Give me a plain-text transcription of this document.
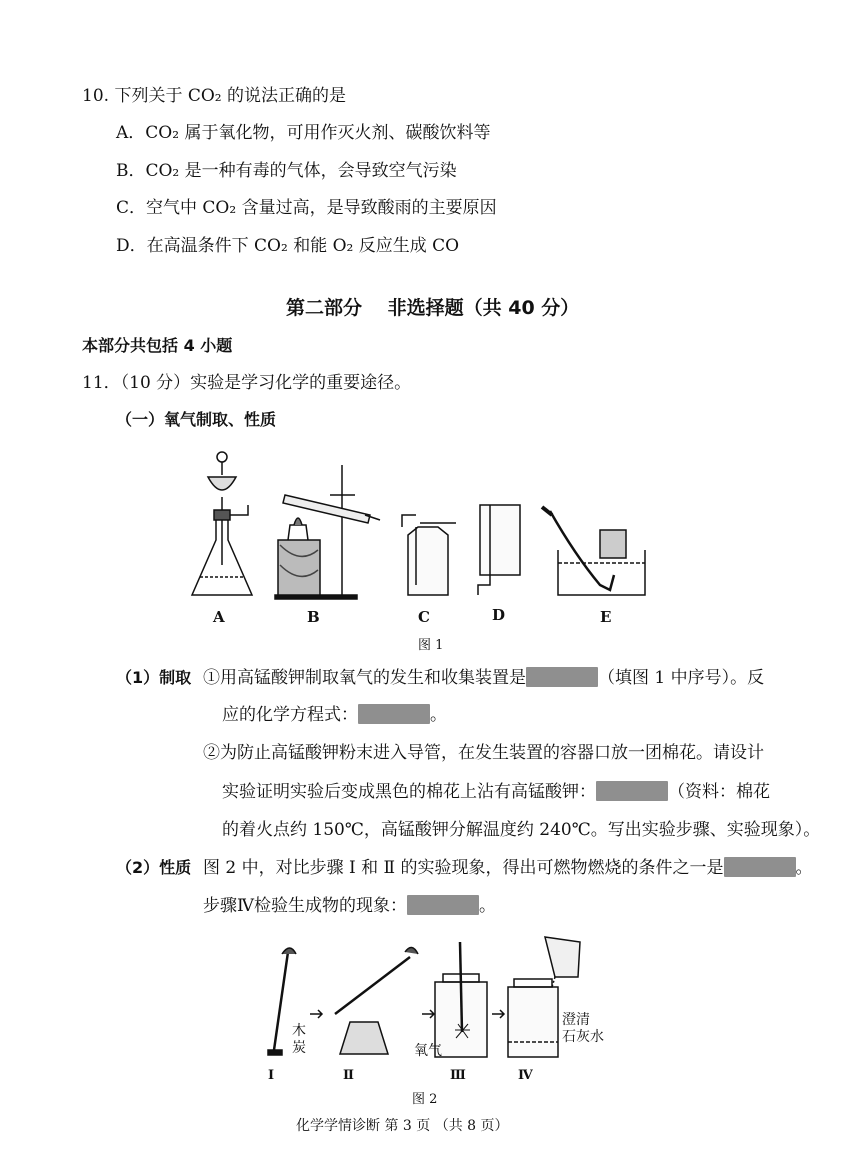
10. 下列关于 CO₂ 的说法正确的是
A．CO₂ 属于氧化物，可用作灭火剂、碳酸饮料等
B．CO₂ 是一种有毒的气体，会导致空气污染
C．空气中 CO₂ 含量过高，是导致酸雨的主要原因
D．在高温条件下 CO₂ 和能 O₂ 反应生成 CO
第二部分　 非选择题（共 40 分）
本部分共包括 4 小题
11．（10 分）实验是学习化学的重要途径。
（一）氧气制取、性质
A	B	C	D	E
图 1
（1）制取 ①用高锰酸钾制取氧气的发生和收集装置是	（填图 1 中序号）。反
应的化学方程式：	。
②为防止高锰酸钾粉末进入导管，在发生装置的容器口放一团棉花。请设计
实验证明实验后变成黑色的棉花上沾有高锰酸钾：	（资料：棉花
的着火点约 150℃，高锰酸钾分解温度约 240℃。写出实验步骤、实验现象）。
（2）性质 图 2 中，对比步骤 Ⅰ 和 Ⅱ 的实验现象，得出可燃物燃烧的条件之一是	。
步骤Ⅳ检验生成物的现象：	。
木
炭	氧气
澄清
石灰水
Ⅰ	Ⅱ	Ⅲ	Ⅳ
图 2
化学学情诊断 第 3 页 （共 8 页）
